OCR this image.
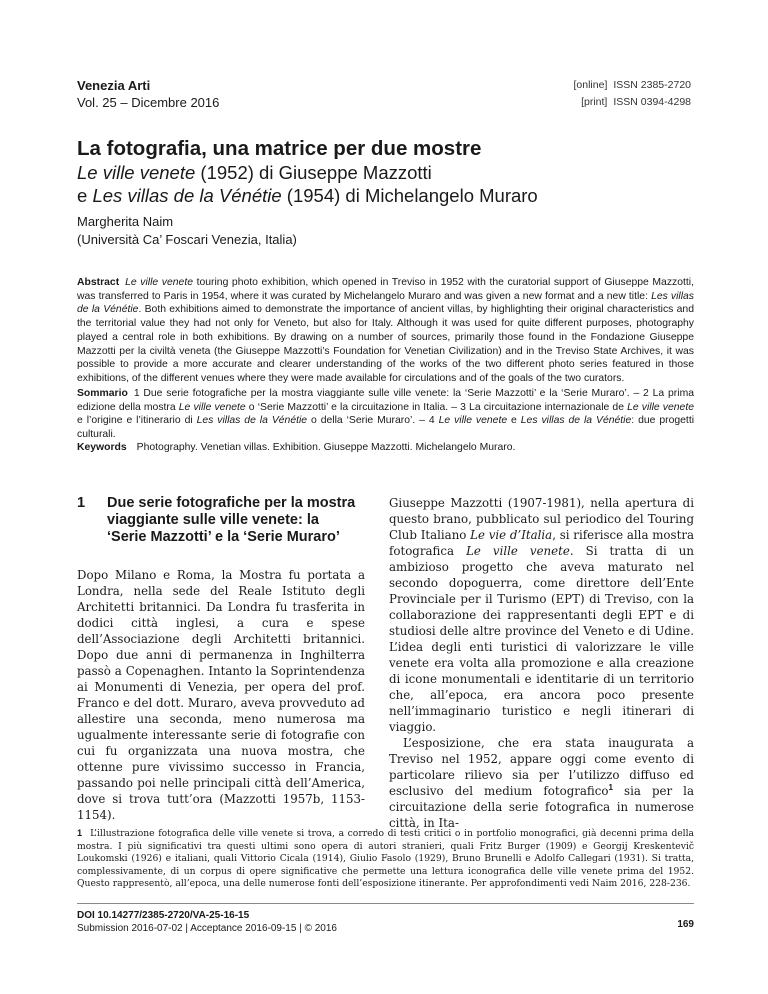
Venezia Arti
Vol. 25 – Dicembre 2016
[online] ISSN 2385-2720
[print] ISSN 0394-4298
La fotografia, una matrice per due mostre
Le ville venete (1952) di Giuseppe Mazzotti
e Les villas de la Vénétie (1954) di Michelangelo Muraro
Margherita Naim
(Università Ca’ Foscari Venezia, Italia)
Abstract Le ville venete touring photo exhibition, which opened in Treviso in 1952 with the curatorial support of Giuseppe Mazzotti, was transferred to Paris in 1954, where it was curated by Michelangelo Muraro and was given a new format and a new title: Les villas de la Vénétie. Both exhibitions aimed to demonstrate the importance of ancient villas, by highlighting their original characteristics and the territorial value they had not only for Veneto, but also for Italy. Although it was used for quite different purposes, photography played a central role in both exhibitions. By drawing on a number of sources, primarily those found in the Fondazione Giuseppe Mazzotti per la civiltà veneta (the Giuseppe Mazzotti’s Foundation for Venetian Civilization) and in the Treviso State Archives, it was possible to provide a more accurate and clearer understanding of the works of the two different photo series featured in those exhibitions, of the different venues where they were made available for circulations and of the goals of the two curators.
Sommario 1 Due serie fotografiche per la mostra viaggiante sulle ville venete: la ‘Serie Mazzotti’ e la ‘Serie Muraro’. – 2 La prima edizione della mostra Le ville venete o ‘Serie Mazzotti’ e la circuitazione in Italia. – 3 La circuitazione internazionale de Le ville venete e l’origine e l’itinerario di Les villas de la Vénétie o della ‘Serie Muraro’. – 4 Le ville venete e Les villas de la Vénétie: due progetti culturali.
Keywords Photography. Venetian villas. Exhibition. Giuseppe Mazzotti. Michelangelo Muraro.
1	Due serie fotografiche per la mostra viaggiante sulle ville venete: la ‘Serie Mazzotti’ e la ‘Serie Muraro’

Dopo Milano e Roma, la Mostra fu portata a Londra, nella sede del Reale Istituto degli Architetti britannici. Da Londra fu trasferita in dodici città inglesi, a cura e spese dell’Associazione degli Architetti britannici. Dopo due anni di permanenza in Inghilterra passò a Copenaghen. Intanto la Soprintendenza ai Monumenti di Venezia, per opera del prof. Franco e del dott. Muraro, aveva provveduto ad allestire una seconda, meno numerosa ma ugualmente interessante serie di fotografie con cui fu organizzata una nuova mostra, che ottenne pure vivissimo successo in Francia, passando poi nelle principali città dell’America, dove si trova tutt’ora (Mazzotti 1957b, 1153-1154).

Giuseppe Mazzotti (1907-1981), nella apertura di questo brano, pubblicato sul periodico del Touring Club Italiano Le vie d’Italia, si riferisce alla mostra fotografica Le ville venete. Si tratta di un ambizioso progetto che aveva maturato nel secondo dopoguerra, come direttore dell’Ente Provinciale per il Turismo (EPT) di Treviso, con la collaborazione dei rappresentanti degli EPT e di studiosi delle altre province del Veneto e di Udine. L’idea degli enti turistici di valorizzare le ville venete era volta alla promozione e alla creazione di icone monumentali e identitarie di un territorio che, all’epoca, era ancora poco presente nell’immaginario turistico e negli itinerari di viaggio.

L’esposizione, che era stata inaugurata a Treviso nel 1952, appare oggi come evento di particolare rilievo sia per l’utilizzo diffuso ed esclusivo del medium fotografico$^1$ sia per la circuitazione della serie fotografica in numerose città, in Ita-

1 L’illustrazione fotografica delle ville venete si trova, a corredo di testi critici o in portfolio monografici, già decenni prima della mostra. I più significativi tra questi ultimi sono opera di autori stranieri, quali Fritz Burger (1909) e Georgij Kreskentevič Loukomski (1926) e italiani, quali Vittorio Cicala (1914), Giulio Fasolo (1929), Bruno Brunelli e Adolfo Callegari (1931). Si tratta, complessivamente, di un corpus di opere significative che permette una lettura iconografica delle ville venete prima del 1952. Questo rappresentò, all’epoca, una delle numerose fonti dell’esposizione itinerante. Per approfondimenti vedi Naim 2016, 228-236.
DOI 10.14277/2385-2720/VA-25-16-15
Submission 2016-07-02 | Acceptance 2016-09-15 | © 2016	169
